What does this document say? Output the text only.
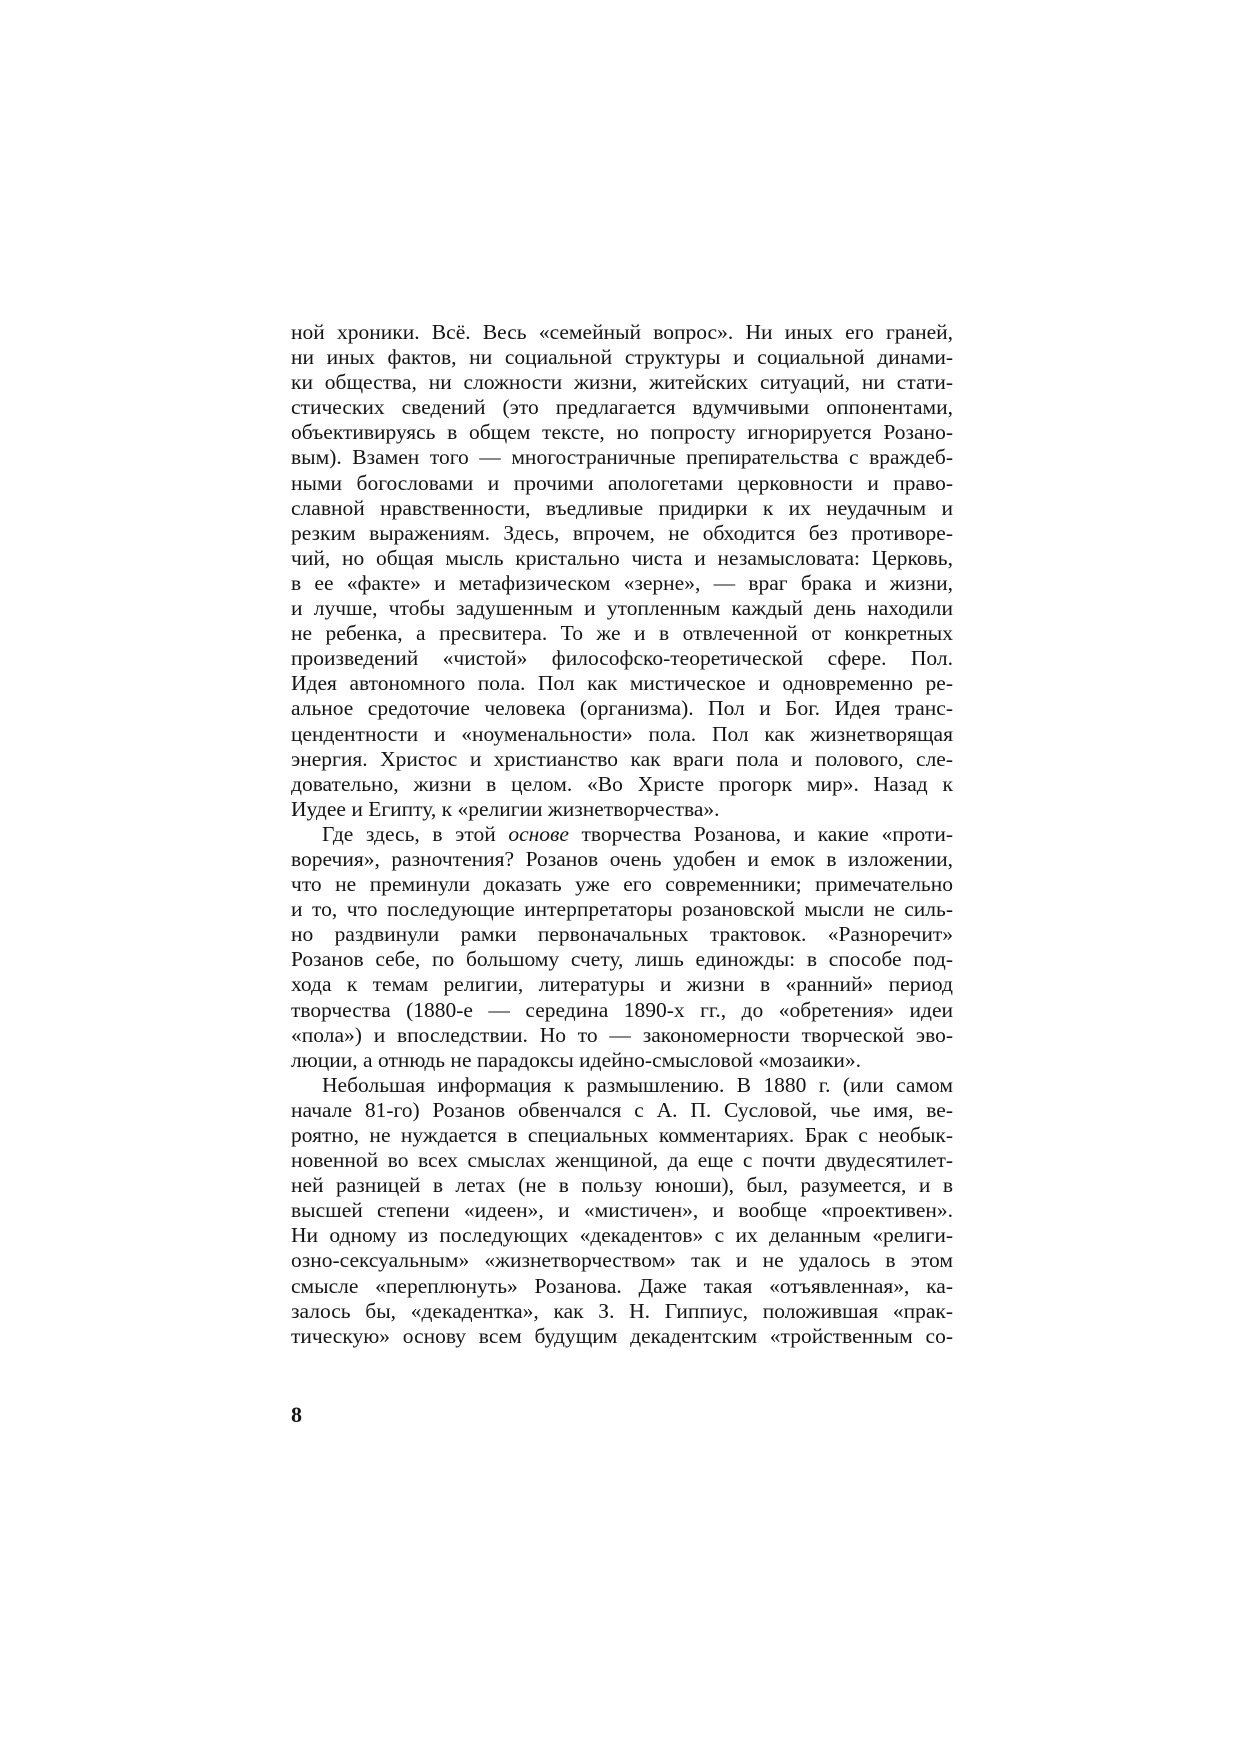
ной хроники. Всё. Весь «семейный вопрос». Ни иных его граней,
ни иных фактов, ни социальной структуры и социальной динами-
ки общества, ни сложности жизни, житейских ситуаций, ни стати-
стических сведений (это предлагается вдумчивыми оппонентами,
объективируясь в общем тексте, но попросту игнорируется Розано-
вым). Взамен того — многостраничные препирательства с враждеб-
ными богословами и прочими апологетами церковности и право-
славной нравственности, въедливые придирки к их неудачным и
резким выражениям. Здесь, впрочем, не обходится без противоре-
чий, но общая мысль кристально чиста и незамысловата: Церковь,
в ее «факте» и метафизическом «зерне», — враг брака и жизни,
и лучше, чтобы задушенным и утопленным каждый день находили
не ребенка, а пресвитера. То же и в отвлеченной от конкретных
произведений «чистой» философско-теоретической сфере. Пол.
Идея автономного пола. Пол как мистическое и одновременно ре-
альное средоточие человека (организма). Пол и Бог. Идея транс-
цендентности и «ноуменальности» пола. Пол как жизнетворящая
энергия. Христос и христианство как враги пола и полового, сле-
довательно, жизни в целом. «Во Христе прогорк мир». Назад к
Иудее и Египту, к «религии жизнетворчества».
Где здесь, в этой основе творчества Розанова, и какие «проти-
воречия», разночтения? Розанов очень удобен и емок в изложении,
что не преминули доказать уже его современники; примечательно
и то, что последующие интерпретаторы розановской мысли не силь-
но раздвинули рамки первоначальных трактовок. «Разноречит»
Розанов себе, по большому счету, лишь единожды: в способе под-
хода к темам религии, литературы и жизни в «ранний» период
творчества (1880-е — середина 1890-х гг., до «обретения» идеи
«пола») и впоследствии. Но то — закономерности творческой эво-
люции, а отнюдь не парадоксы идейно-смысловой «мозаики».
Небольшая информация к размышлению. В 1880 г. (или самом
начале 81-го) Розанов обвенчался с А. П. Сусловой, чье имя, ве-
роятно, не нуждается в специальных комментариях. Брак с необык-
новенной во всех смыслах женщиной, да еще с почти двудесятилет-
ней разницей в летах (не в пользу юноши), был, разумеется, и в
высшей степени «идеен», и «мистичен», и вообще «проективен».
Ни одному из последующих «декадентов» с их деланным «религи-
озно-сексуальным» «жизнетворчеством» так и не удалось в этом
смысле «переплюнуть» Розанова. Даже такая «отъявленная», ка-
залось бы, «декадентка», как З. Н. Гиппиус, положившая «прак-
тическую» основу всем будущим декадентским «тройственным со-
8
